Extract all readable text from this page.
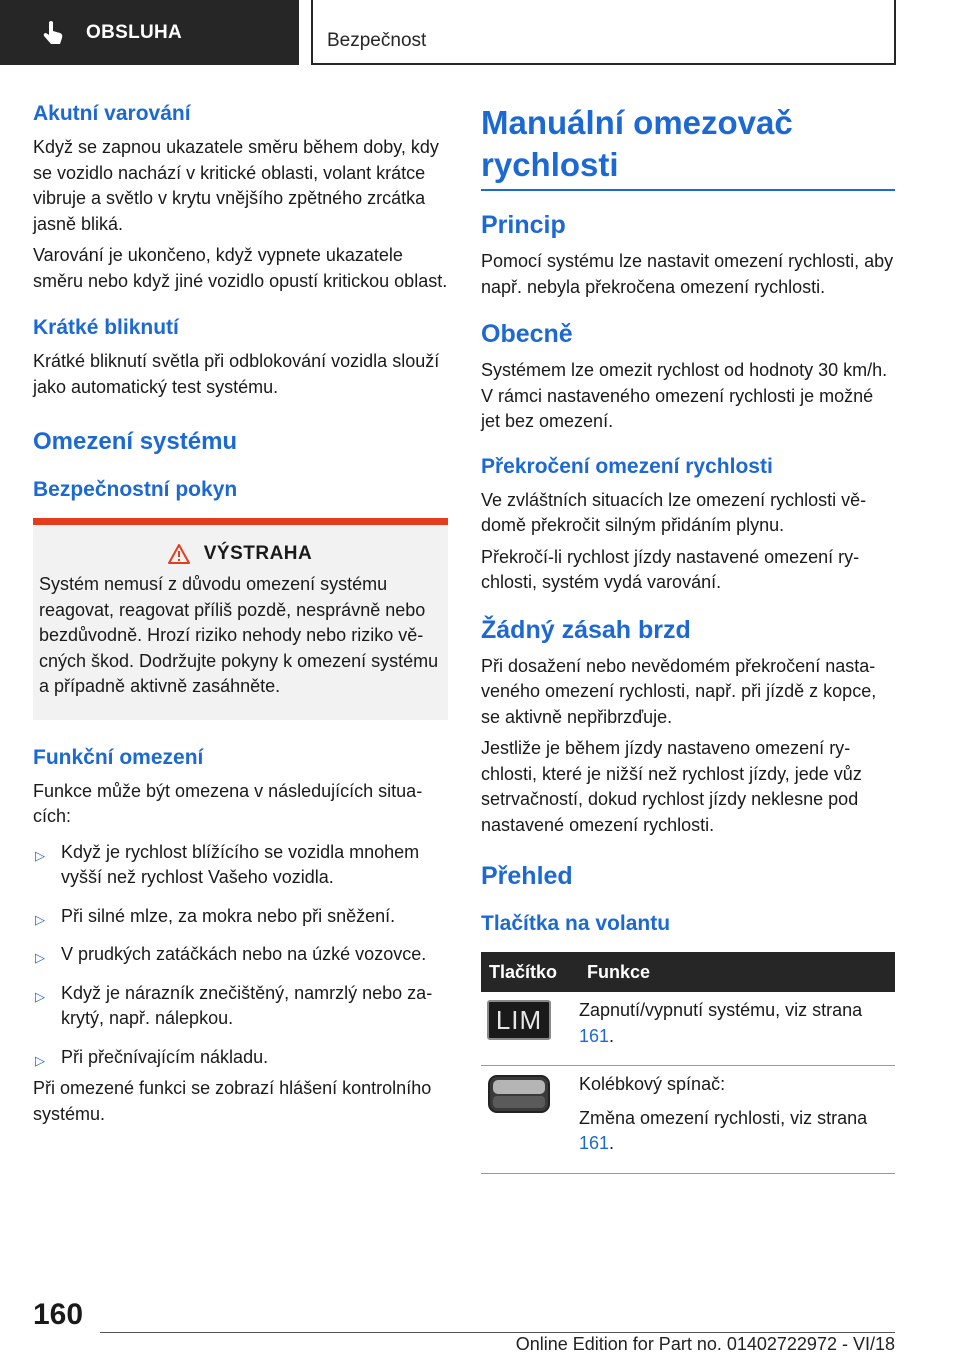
OBSLUHA	Bezpečnost
Akutní varování

Když se zapnou ukazatele směru během doby, kdy se vozidlo nachází v kritické oblasti, volant krátce vibruje a světlo v krytu vnějšího zpětného zrcátka jasně bliká.

Varování je ukončeno, když vypnete ukazatele směru nebo když jiné vozidlo opustí kritickou oblast.

Krátké bliknutí

Krátké bliknutí světla při odblokování vozidla slouží jako automatický test systému.

Omezení systému
Bezpečnostní pokyn
VÝSTRAHA

Systém nemusí z důvodu omezení systému reagovat, reagovat příliš pozdě, nesprávně nebo bezdůvodně. Hrozí riziko nehody nebo riziko věcných škod. Dodržujte pokyny k omezení systému a případně aktivně zasáhněte.

Funkční omezení

Funkce může být omezena v následujících situacích:

▷ Když je rychlost blížícího se vozidla mnohem vyšší než rychlost Vašeho vozidla.
▷ Při silné mlze, za mokra nebo při sněžení.
▷ V prudkých zatáčkách nebo na úzké vozovce.
▷ Když je nárazník znečištěný, namrzlý nebo zakrytý, např. nálepkou.
▷ Při přečnívajícím nákladu.

Při omezené funkci se zobrazí hlášení kontrolního systému.

Manuální omezovač rychlosti
Princip

Pomocí systému lze nastavit omezení rychlosti, aby např. nebyla překročena omezení rychlosti.

Obecně

Systémem lze omezit rychlost od hodnoty 30 km/h. V rámci nastaveného omezení rychlosti je možné jet bez omezení.

Překročení omezení rychlosti

Ve zvláštních situacích lze omezení rychlosti vědomě překročit silným přidáním plynu.

Překročí-li rychlost jízdy nastavené omezení rychlosti, systém vydá varování.

Žádný zásah brzd

Při dosažení nebo nevědomém překročení nastaveného omezení rychlosti, např. při jízdě z kopce, se aktivně nepřibrzďuje.

Jestliže je během jízdy nastaveno omezení rychlosti, které je nižší než rychlost jízdy, jede vůz setrvačností, dokud rychlost jízdy neklesne pod nastavené omezení rychlosti.

Přehled
Tlačítka na volantu
Tlačítko	Funkce

LIM	Zapnutí/vypnutí systému, viz strana 161.

Kolébkový spínač:

Změna omezení rychlosti, viz strana 161.

160
Online Edition for Part no. 01402722972 - VI/18
